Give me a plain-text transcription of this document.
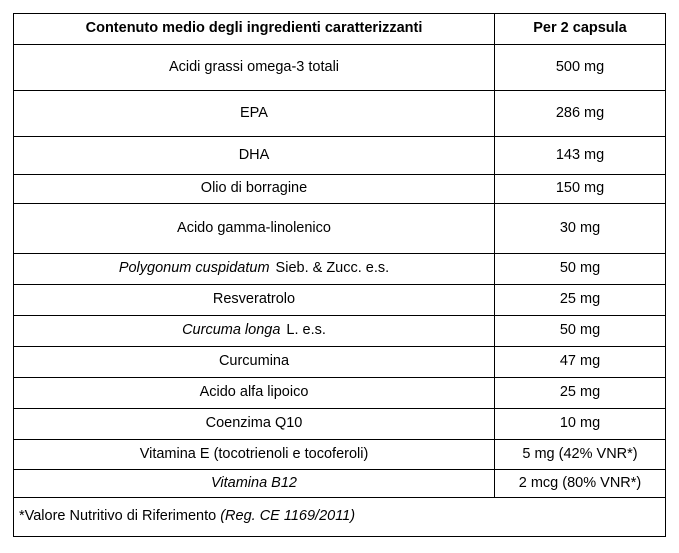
Contenuto medio degli ingredienti caratterizzanti	Per 2 capsula
Acidi grassi omega-3 totali	500 mg
EPA	286 mg
DHA	143 mg
Olio di borragine	150 mg
Acido gamma-linolenico	30 mg
Polygonum cuspidatum Sieb. & Zucc. e.s.	50 mg
Resveratrolo	25 mg
Curcuma longa L. e.s.	50 mg
Curcumina	47 mg
Acido alfa lipoico	25 mg
Coenzima Q10	10 mg
Vitamina E (tocotrienoli e tocoferoli)	5 mg (42% VNR*)
Vitamina B12	2 mcg (80% VNR*)
*Valore Nutritivo di Riferimento (Reg. CE 1169/2011)	
